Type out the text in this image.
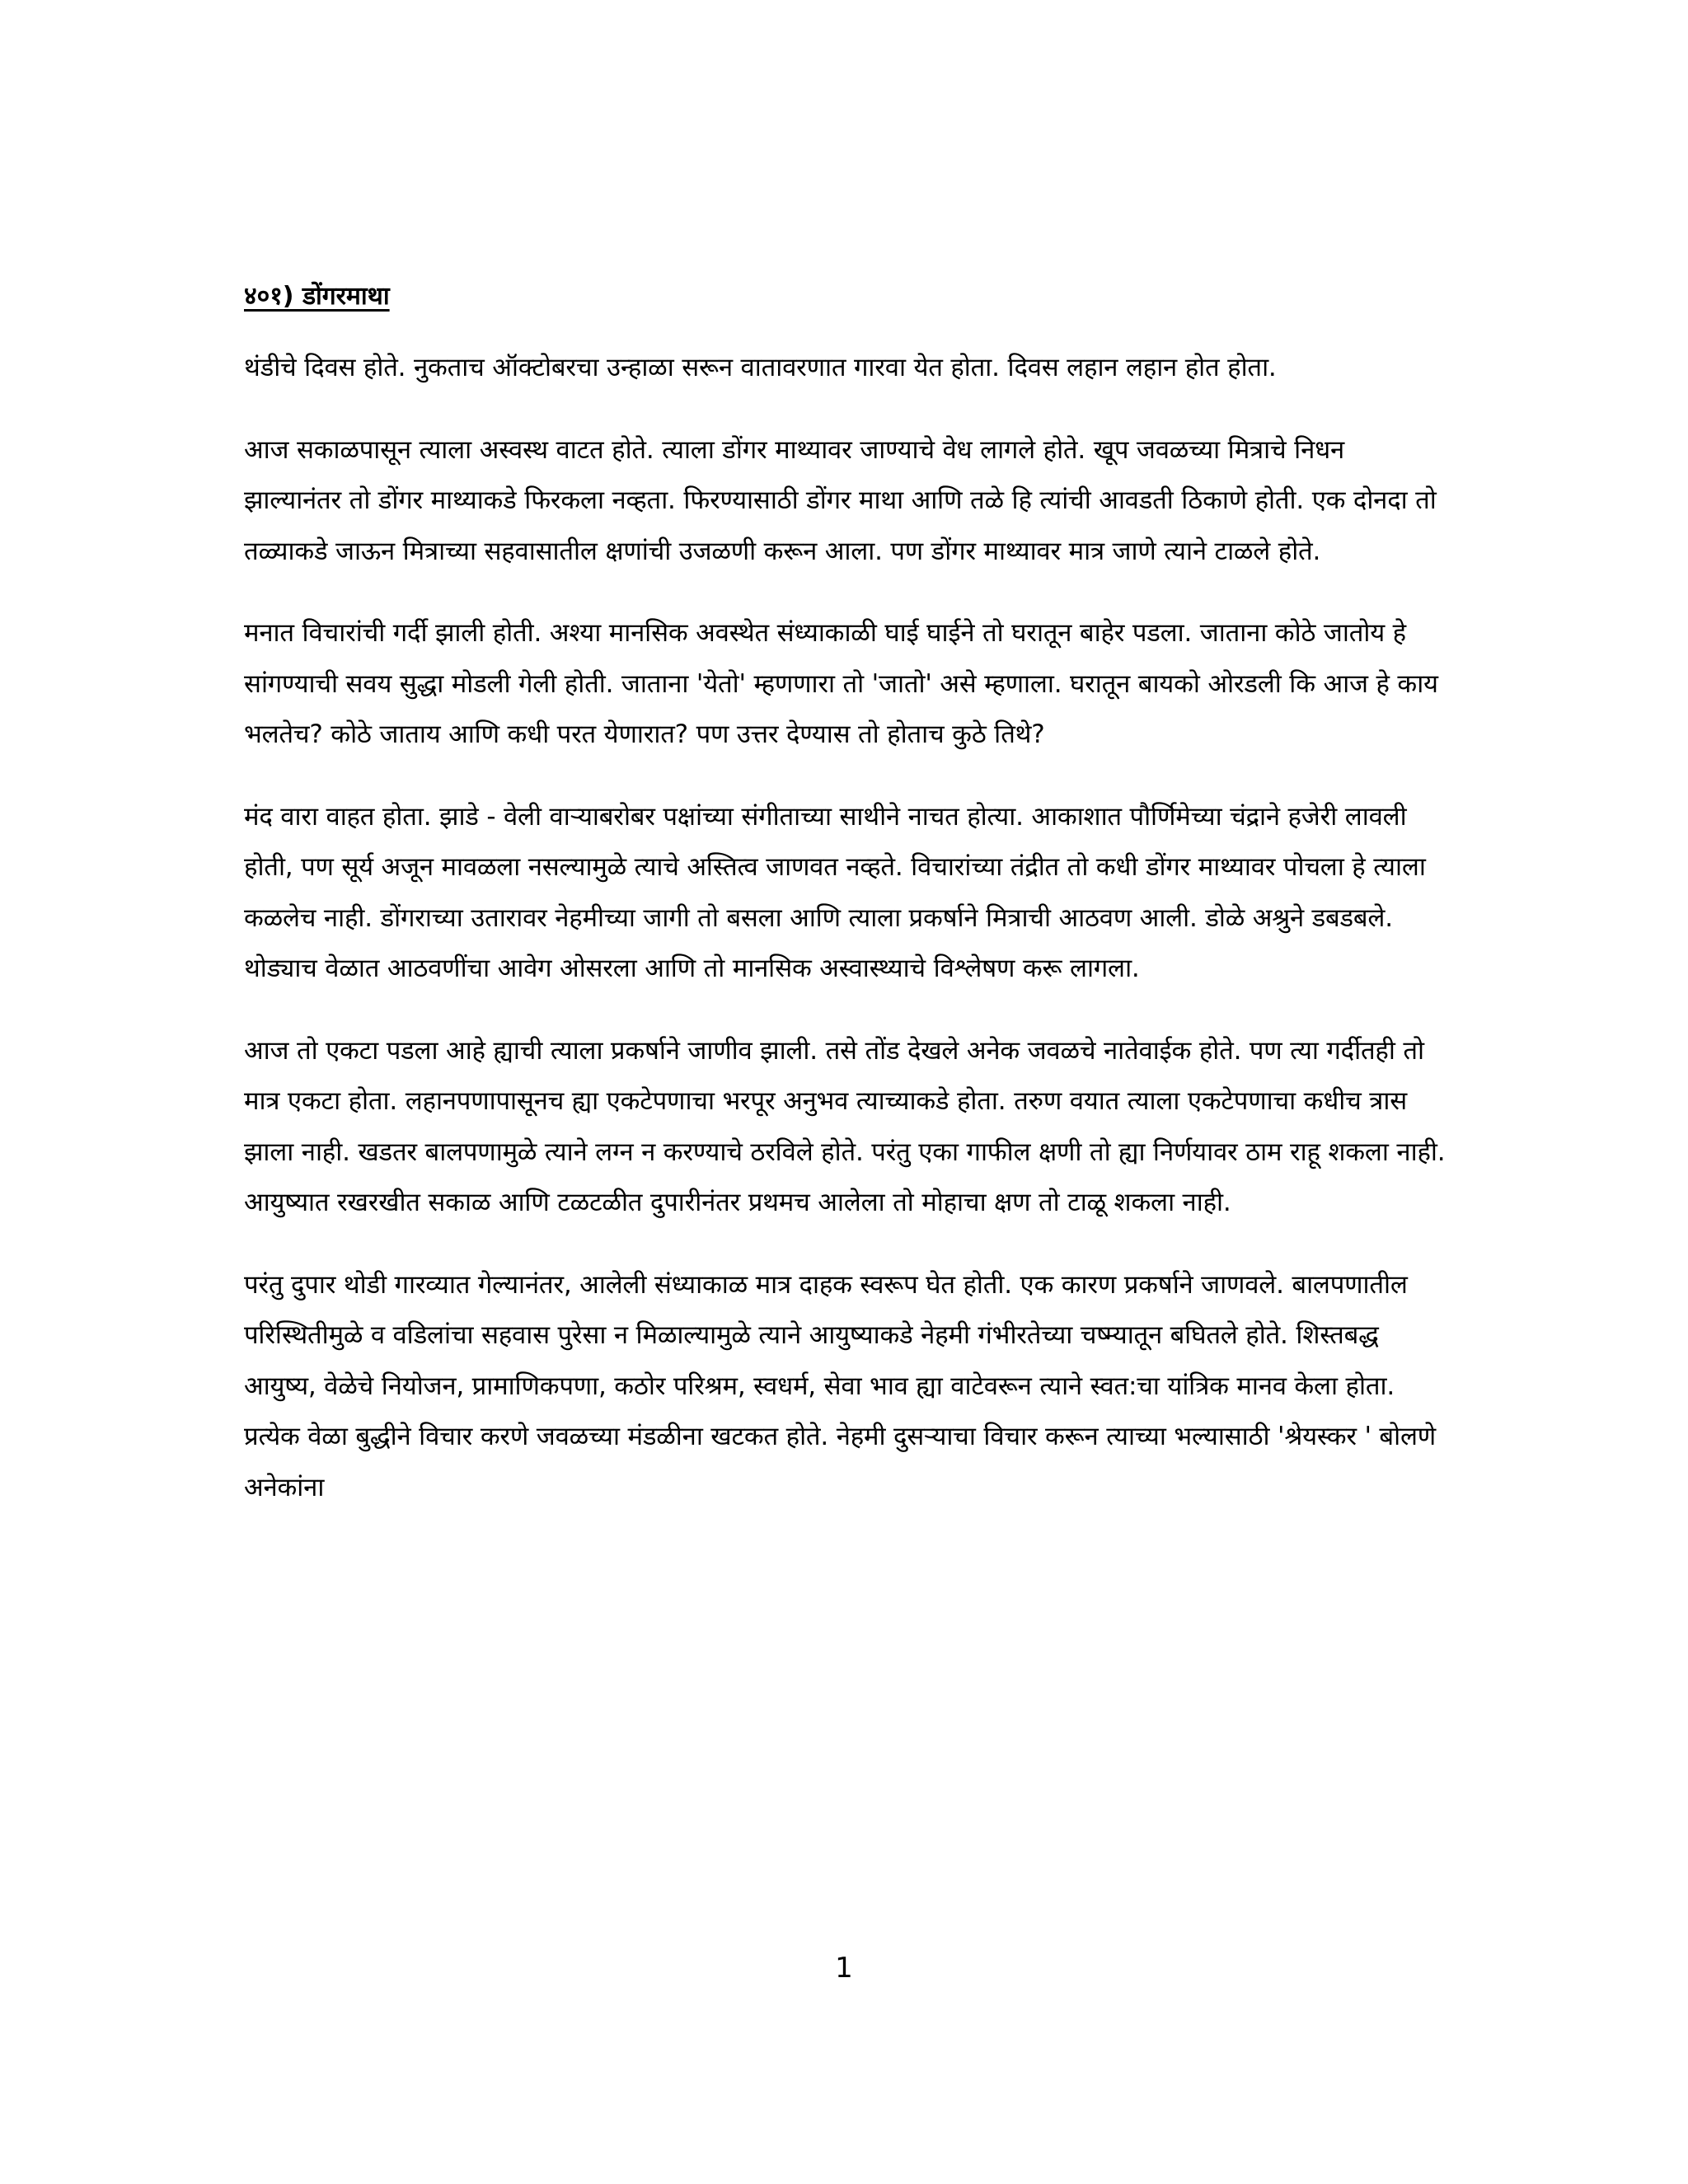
४०१) डोंगरमाथा

थंडीचे दिवस होते. नुकताच ऑक्टोबरचा उन्हाळा सरून वातावरणात गारवा येत होता. दिवस लहान लहान होत होता.

आज सकाळपासून त्याला अस्वस्थ वाटत होते. त्याला डोंगर माथ्यावर जाण्याचे वेध लागले होते. खूप जवळच्या मित्राचे निधन झाल्यानंतर तो डोंगर माथ्याकडे फिरकला नव्हता. फिरण्यासाठी डोंगर माथा आणि तळे हि त्यांची आवडती ठिकाणे होती. एक दोनदा तो तळ्याकडे जाऊन मित्राच्या सहवासातील क्षणांची उजळणी करून आला. पण डोंगर माथ्यावर मात्र जाणे त्याने टाळले होते.

मनात विचारांची गर्दी झाली होती. अश्या मानसिक अवस्थेत संध्याकाळी घाई घाईने तो घरातून बाहेर पडला. जाताना कोठे जातोय हे सांगण्याची सवय सुद्धा मोडली गेली होती. जाताना 'येतो' म्हणणारा तो 'जातो' असे म्हणाला. घरातून बायको ओरडली कि आज हे काय भलतेच? कोठे जाताय आणि कधी परत येणारात? पण उत्तर देण्यास तो होताच कुठे तिथे?

मंद वारा वाहत होता. झाडे - वेली वाऱ्याबरोबर पक्षांच्या संगीताच्या साथीने नाचत होत्या. आकाशात पौर्णिमेच्या चंद्राने हजेरी लावली होती, पण सूर्य अजून मावळला नसल्यामुळे त्याचे अस्तित्व जाणवत नव्हते. विचारांच्या तंद्रीत तो कधी डोंगर माथ्यावर पोचला हे त्याला कळलेच नाही. डोंगराच्या उतारावर नेहमीच्या जागी तो बसला आणि त्याला प्रकर्षाने मित्राची आठवण आली. डोळे अश्रुने डबडबले. थोड्याच वेळात आठवणींचा आवेग ओसरला आणि तो मानसिक अस्वास्थ्याचे विश्लेषण करू लागला.

आज तो एकटा पडला आहे ह्याची त्याला प्रकर्षाने जाणीव झाली. तसे तोंड देखले अनेक जवळचे नातेवाईक होते. पण त्या गर्दीतही तो मात्र एकटा होता. लहानपणापासूनच ह्या एकटेपणाचा भरपूर अनुभव त्याच्याकडे होता. तरुण वयात त्याला एकटेपणाचा कधीच त्रास झाला नाही. खडतर बालपणामुळे त्याने लग्न न करण्याचे ठरविले होते. परंतु एका गाफील क्षणी तो ह्या निर्णयावर ठाम राहू शकला नाही. आयुष्यात रखरखीत सकाळ आणि टळटळीत दुपारीनंतर प्रथमच आलेला तो मोहाचा क्षण तो टाळू शकला नाही.

परंतु दुपार थोडी गारव्यात गेल्यानंतर, आलेली संध्याकाळ मात्र दाहक स्वरूप घेत होती. एक कारण प्रकर्षाने जाणवले. बालपणातील परिस्थितीमुळे व वडिलांचा सहवास पुरेसा न मिळाल्यामुळे त्याने आयुष्याकडे नेहमी गंभीरतेच्या चष्म्यातून बघितले होते. शिस्तबद्ध आयुष्य, वेळेचे नियोजन, प्रामाणिकपणा, कठोर परिश्रम, स्वधर्म, सेवा भाव ह्या वाटेवरून त्याने स्वत:चा यांत्रिक मानव केला होता. प्रत्येक वेळा बुद्धीने विचार करणे जवळच्या मंडळीना खटकत होते. नेहमी दुसऱ्याचा विचार करून त्याच्या भल्यासाठी 'श्रेयस्कर ' बोलणे अनेकांना

1
